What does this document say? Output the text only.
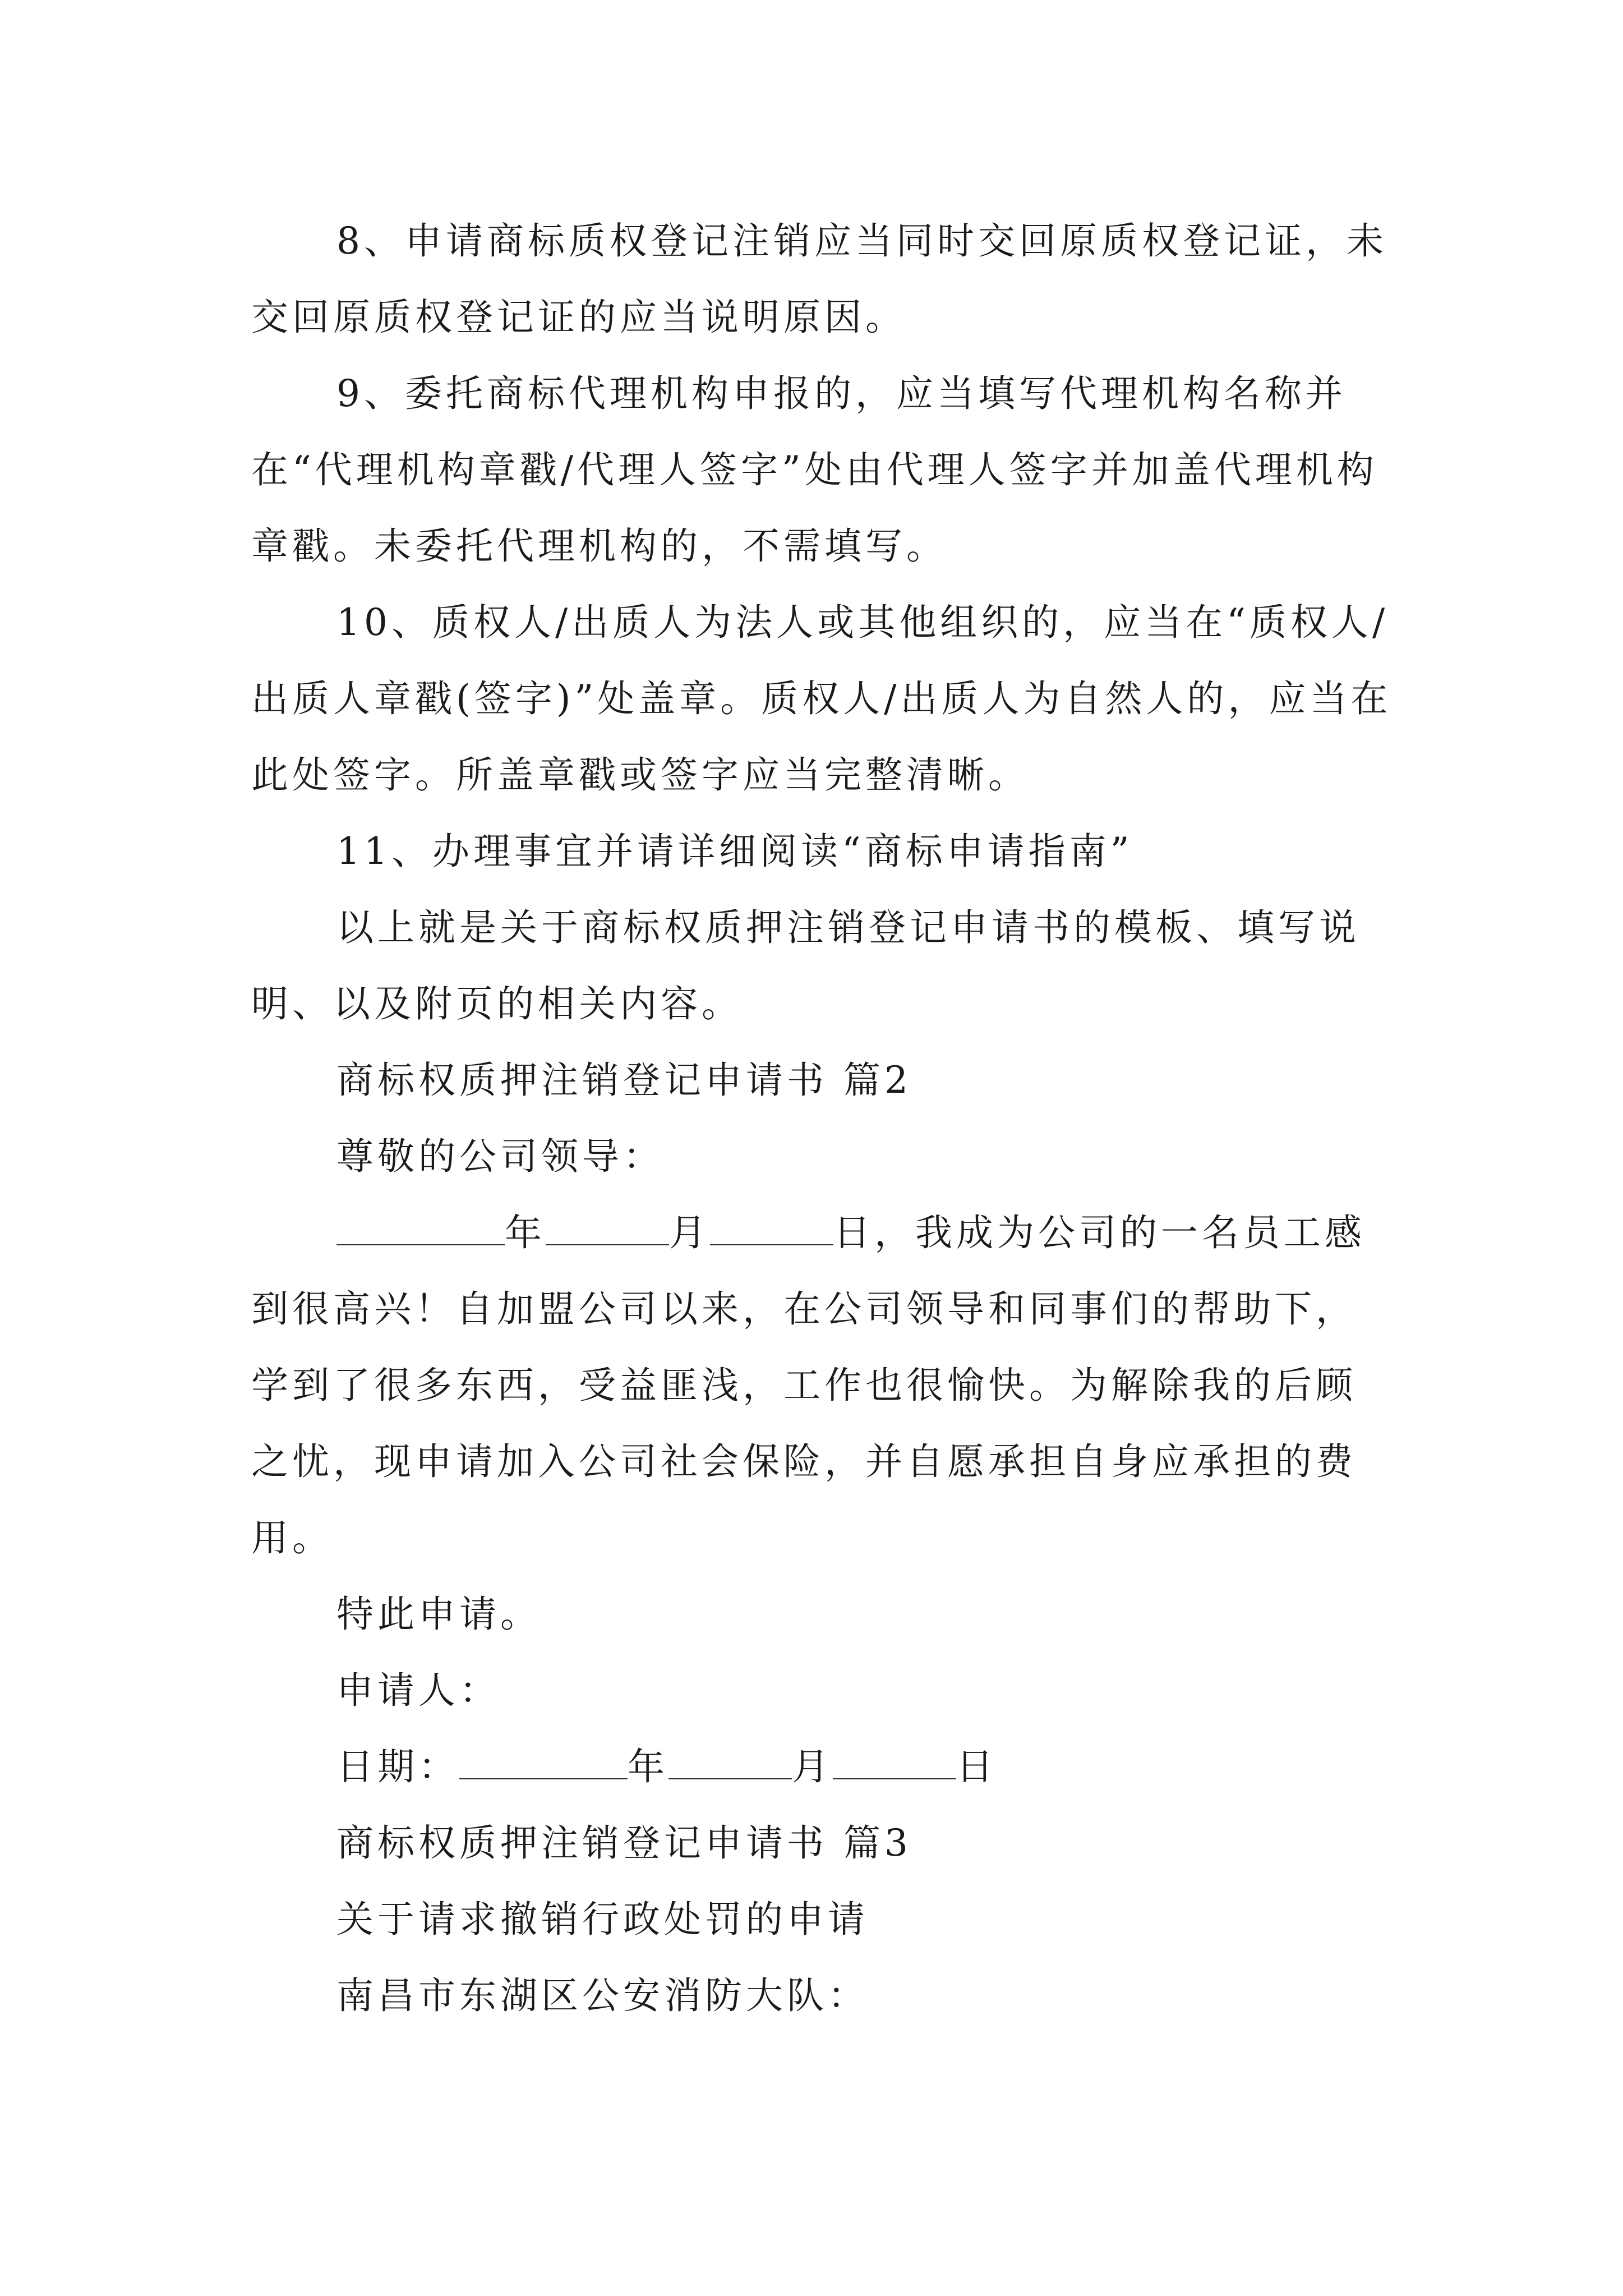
8、申请商标质权登记注销应当同时交回原质权登记证，未交回原质权登记证的应当说明原因。

9、委托商标代理机构申报的，应当填写代理机构名称并在“代理机构章戳/代理人签字”处由代理人签字并加盖代理机构章戳。未委托代理机构的，不需填写。

10、质权人/出质人为法人或其他组织的，应当在“质权人/出质人章戳(签字)”处盖章。质权人/出质人为自然人的，应当在此处签字。所盖章戳或签字应当完整清晰。

11、办理事宜并请详细阅读“商标申请指南”

以上就是关于商标权质押注销登记申请书的模板、填写说明、以及附页的相关内容。

商标权质押注销登记申请书 篇2

尊敬的公司领导：

年	月	日，我成为公司的一名员工感到很高兴！自加盟公司以来，在公司领导和同事们的帮助下，学到了很多东西，受益匪浅，工作也很愉快。为解除我的后顾之忧，现申请加入公司社会保险，并自愿承担自身应承担的费用。

特此申请。

申请人：

日期：	年	月	日

商标权质押注销登记申请书 篇3

关于请求撤销行政处罚的申请

南昌市东湖区公安消防大队：
